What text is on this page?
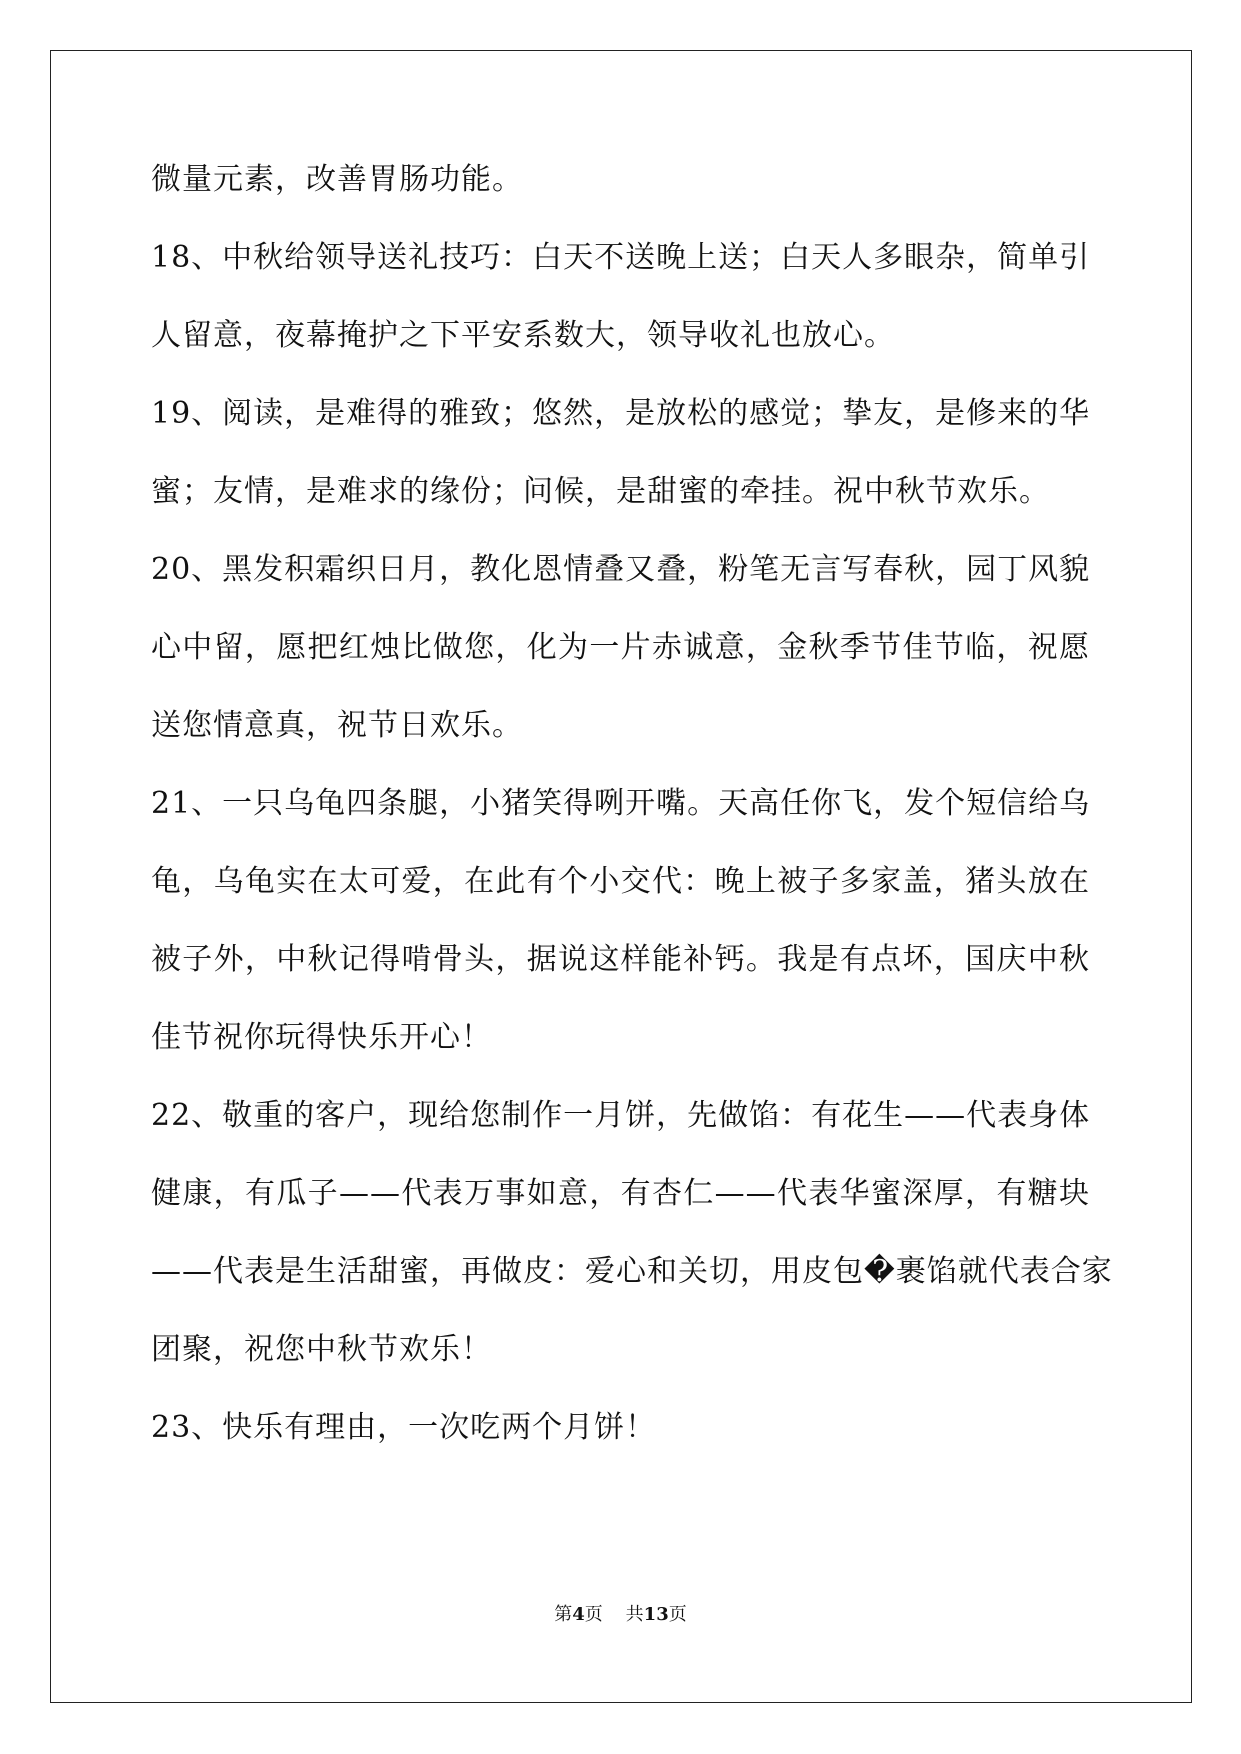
微量元素，改善胃肠功能。
18、中秋给领导送礼技巧：白天不送晚上送；白天人多眼杂，简单引
人留意，夜幕掩护之下平安系数大，领导收礼也放心。
19、阅读，是难得的雅致；悠然，是放松的感觉；挚友，是修来的华
蜜；友情，是难求的缘份；问候，是甜蜜的牵挂。祝中秋节欢乐。
20、黑发积霜织日月，教化恩情叠又叠，粉笔无言写春秋，园丁风貌
心中留，愿把红烛比做您，化为一片赤诚意，金秋季节佳节临，祝愿
送您情意真，祝节日欢乐。
21、一只乌龟四条腿，小猪笑得咧开嘴。天高任你飞，发个短信给乌
龟，乌龟实在太可爱，在此有个小交代：晚上被子多家盖，猪头放在
被子外，中秋记得啃骨头，据说这样能补钙。我是有点坏，国庆中秋
佳节祝你玩得快乐开心！
22、敬重的客户，现给您制作一月饼，先做馅：有花生——代表身体
健康，有瓜子——代表万事如意，有杏仁——代表华蜜深厚，有糖块
——代表是生活甜蜜，再做皮：爱心和关切，用皮包�裹馅就代表合家
团聚，祝您中秋节欢乐！
23、快乐有理由，一次吃两个月饼！
第4页 共13页
